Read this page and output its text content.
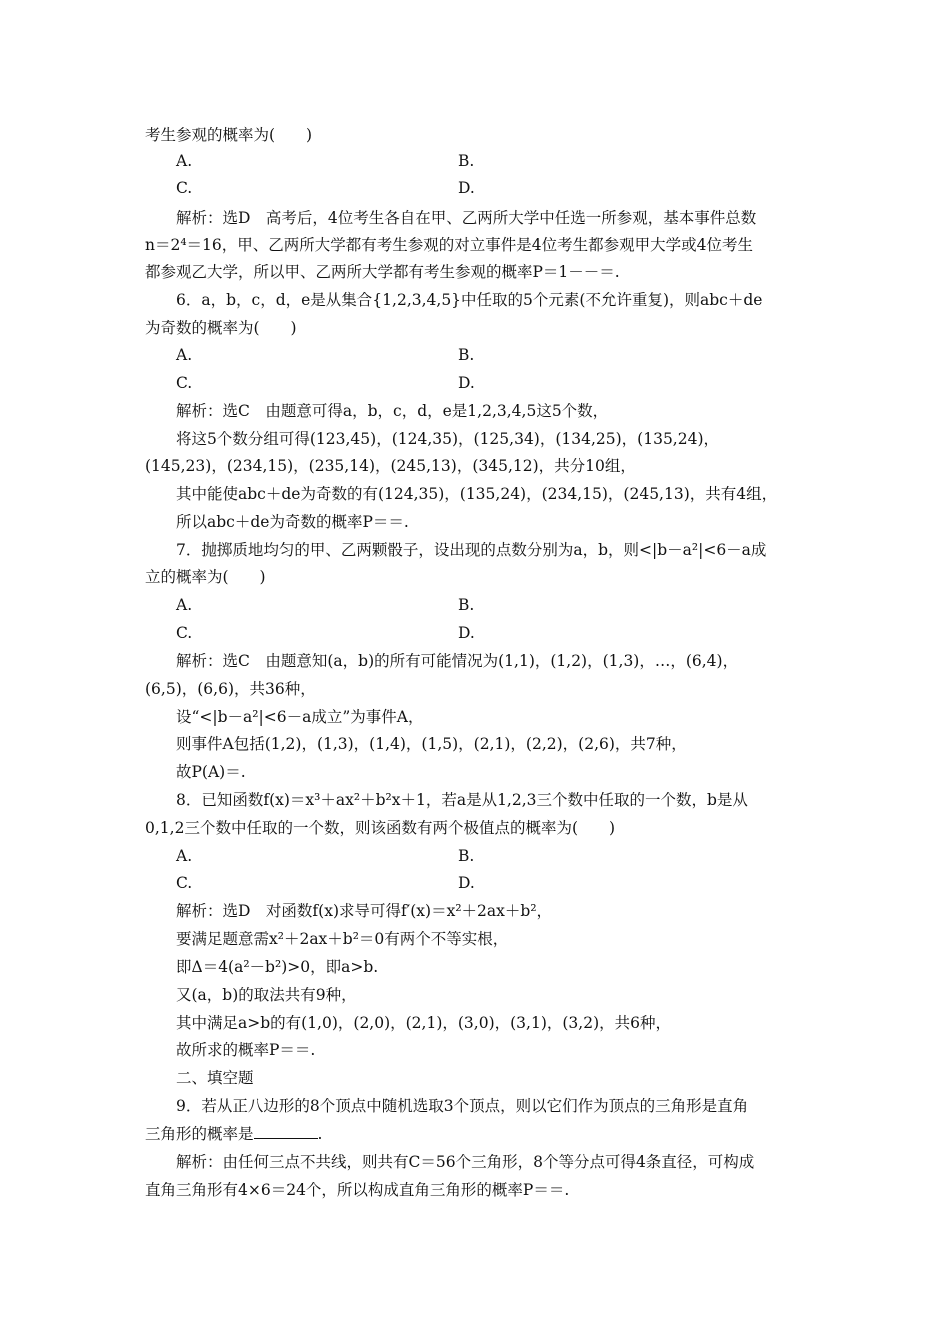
考生参观的概率为(　　)
A.	B.
C.	D.
解析：选D　高考后，4位考生各自在甲、乙两所大学中任选一所参观，基本事件总数
n＝2⁴＝16，甲、乙两所大学都有考生参观的对立事件是4位考生都参观甲大学或4位考生
都参观乙大学，所以甲、乙两所大学都有考生参观的概率P＝1－－＝.
6．a，b，c，d，e是从集合{1,2,3,4,5}中任取的5个元素(不允许重复)，则abc＋de
为奇数的概率为(　　)
A.	B.
C.	D.
解析：选C　由题意可得a，b，c，d，e是1,2,3,4,5这5个数，
将这5个数分组可得(123,45)，(124,35)，(125,34)，(134,25)，(135,24)，
(145,23)，(234,15)，(235,14)，(245,13)，(345,12)，共分10组，
其中能使abc＋de为奇数的有(124,35)，(135,24)，(234,15)，(245,13)，共有4组，
所以abc＋de为奇数的概率P＝＝.
7．抛掷质地均匀的甲、乙两颗骰子，设出现的点数分别为a，b，则<|b－a²|<6－a成
立的概率为(　　)
A.	B.
C.	D.
解析：选C　由题意知(a，b)的所有可能情况为(1,1)，(1,2)，(1,3)，…，(6,4)，
(6,5)，(6,6)，共36种，
设“<|b－a²|<6－a成立”为事件A，
则事件A包括(1,2)，(1,3)，(1,4)，(1,5)，(2,1)，(2,2)，(2,6)，共7种，
故P(A)＝.
8．已知函数f(x)＝x³＋ax²＋b²x＋1，若a是从1,2,3三个数中任取的一个数，b是从
0,1,2三个数中任取的一个数，则该函数有两个极值点的概率为(　　)
A.	B.
C.	D.
解析：选D　对函数f(x)求导可得f′(x)＝x²＋2ax＋b²，
要满足题意需x²＋2ax＋b²＝0有两个不等实根，
即Δ＝4(a²－b²)>0，即a>b.
又(a，b)的取法共有9种，
其中满足a>b的有(1,0)，(2,0)，(2,1)，(3,0)，(3,1)，(3,2)，共6种，
故所求的概率P＝＝.
二、填空题
9．若从正八边形的8个顶点中随机选取3个顶点，则以它们作为顶点的三角形是直角
三角形的概率是	.
解析：由任何三点不共线，则共有C＝56个三角形，8个等分点可得4条直径，可构成
直角三角形有4×6＝24个，所以构成直角三角形的概率P＝＝.
